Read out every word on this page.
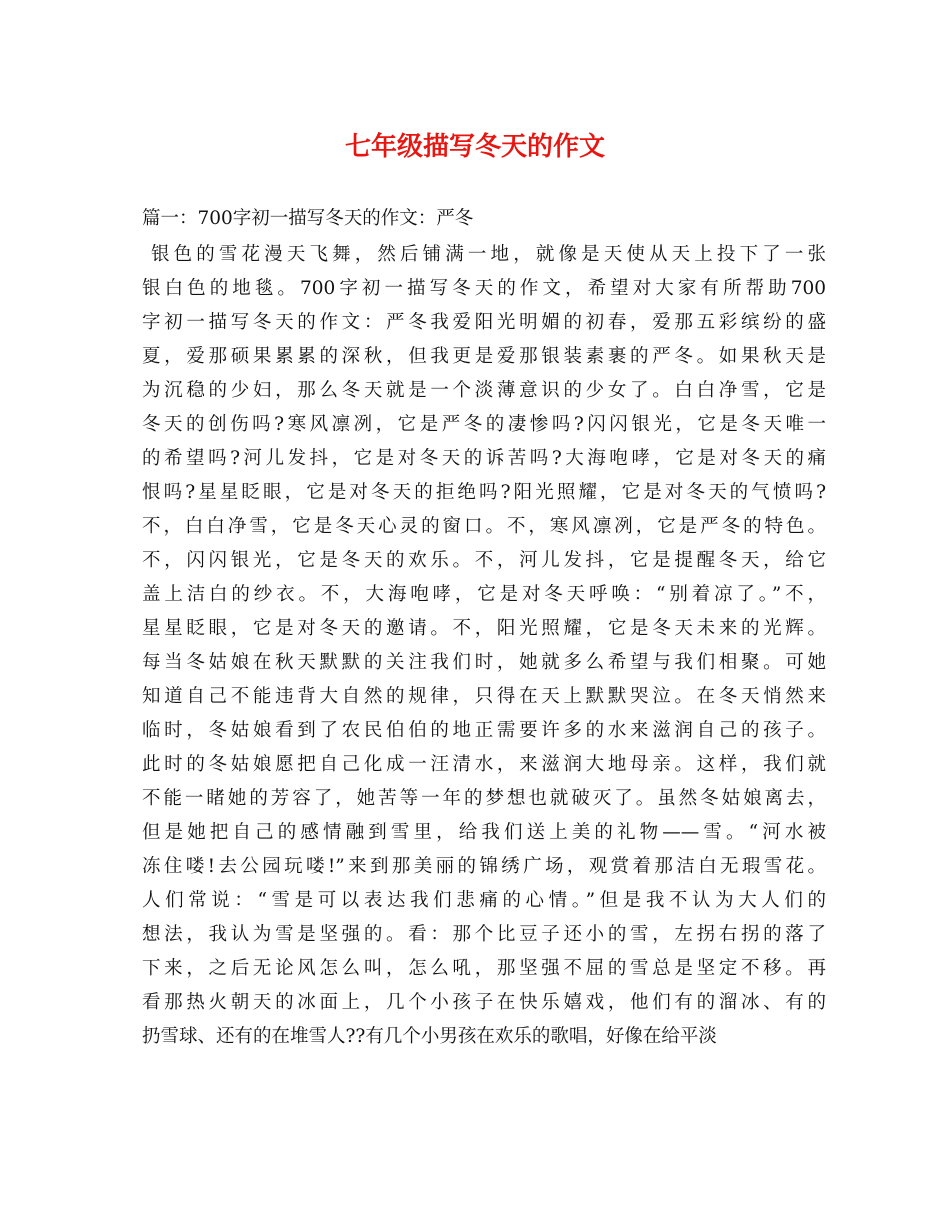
七年级描写冬天的作文
篇一：700字初一描写冬天的作文：严冬
银色的雪花漫天飞舞，然后铺满一地，就像是天使从天上投下了一张
银白色的地毯。700字初一描写冬天的作文，希望对大家有所帮助700
字初一描写冬天的作文：严冬我爱阳光明媚的初春，爱那五彩缤纷的盛
夏，爱那硕果累累的深秋，但我更是爱那银装素裹的严冬。如果秋天是
为沉稳的少妇，那么冬天就是一个淡薄意识的少女了。白白净雪，它是
冬天的创伤吗?寒风凛冽，它是严冬的凄惨吗?闪闪银光，它是冬天唯一
的希望吗?河儿发抖，它是对冬天的诉苦吗?大海咆哮，它是对冬天的痛
恨吗?星星眨眼，它是对冬天的拒绝吗?阳光照耀，它是对冬天的气愤吗?
不，白白净雪，它是冬天心灵的窗口。不，寒风凛冽，它是严冬的特色。
不，闪闪银光，它是冬天的欢乐。不，河儿发抖，它是提醒冬天，给它
盖上洁白的纱衣。不，大海咆哮，它是对冬天呼唤：“别着凉了。”不，
星星眨眼，它是对冬天的邀请。不，阳光照耀，它是冬天未来的光辉。
每当冬姑娘在秋天默默的关注我们时，她就多么希望与我们相聚。可她
知道自己不能违背大自然的规律，只得在天上默默哭泣。在冬天悄然来
临时，冬姑娘看到了农民伯伯的地正需要许多的水来滋润自己的孩子。
此时的冬姑娘愿把自己化成一汪清水，来滋润大地母亲。这样，我们就
不能一睹她的芳容了，她苦等一年的梦想也就破灭了。虽然冬姑娘离去，
但是她把自己的感情融到雪里，给我们送上美的礼物——雪。“河水被
冻住喽!去公园玩喽!”来到那美丽的锦绣广场，观赏着那洁白无瑕雪花。
人们常说：“雪是可以表达我们悲痛的心情。”但是我不认为大人们的
想法，我认为雪是坚强的。看：那个比豆子还小的雪，左拐右拐的落了
下来，之后无论风怎么叫，怎么吼，那坚强不屈的雪总是坚定不移。再
看那热火朝天的冰面上，几个小孩子在快乐嬉戏，他们有的溜冰、有的
扔雪球、还有的在堆雪人??有几个小男孩在欢乐的歌唱，好像在给平淡
